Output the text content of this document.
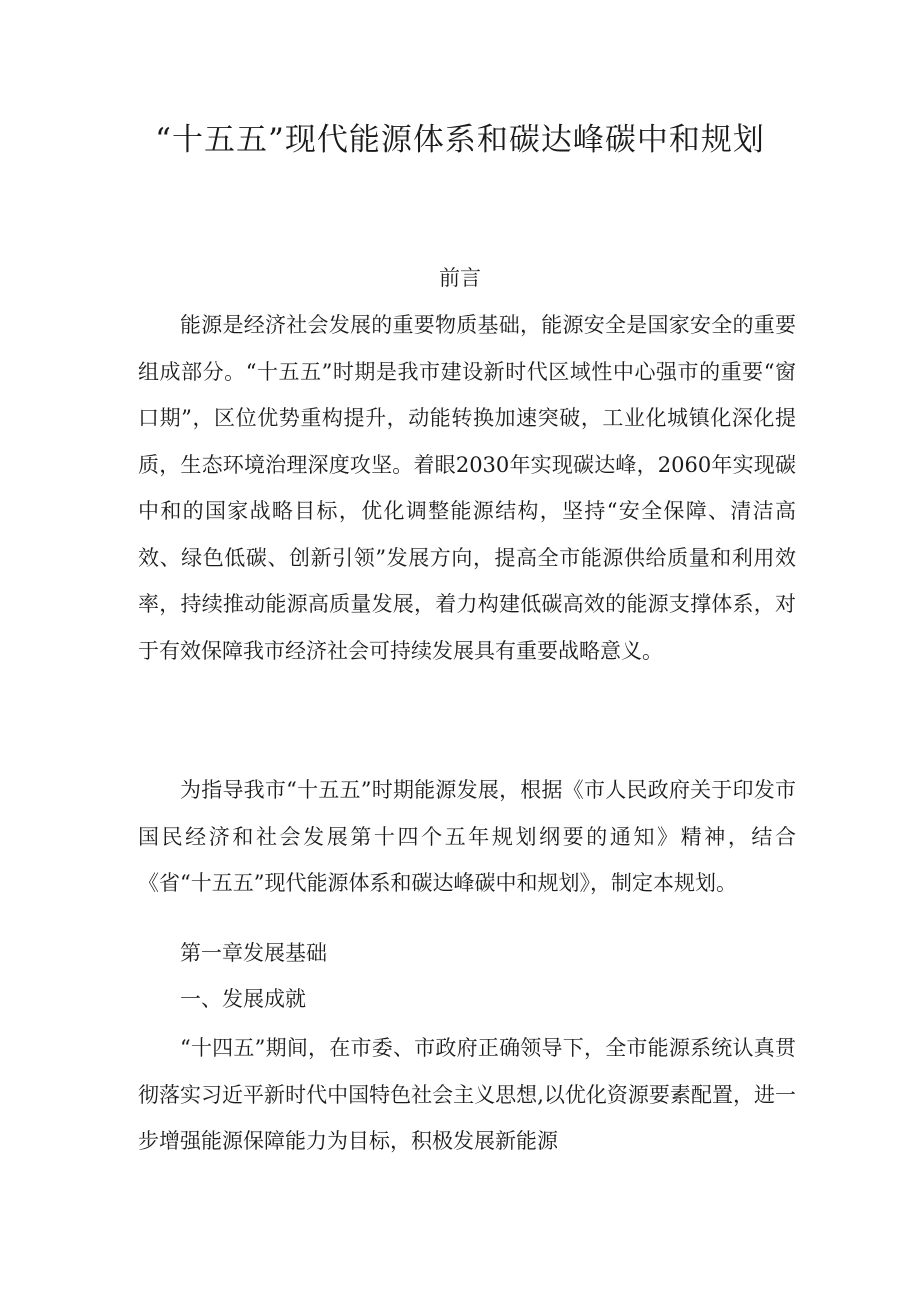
“十五五”现代能源体系和碳达峰碳中和规划
前言

能源是经济社会发展的重要物质基础，能源安全是国家安全的重要组成部分。“十五五”时期是我市建设新时代区域性中心强市的重要“窗口期”，区位优势重构提升，动能转换加速突破，工业化城镇化深化提质，生态环境治理深度攻坚。着眼2030年实现碳达峰，2060年实现碳中和的国家战略目标，优化调整能源结构，坚持“安全保障、清洁高效、绿色低碳、创新引领”发展方向，提高全市能源供给质量和利用效率，持续推动能源高质量发展，着力构建低碳高效的能源支撑体系，对于有效保障我市经济社会可持续发展具有重要战略意义。

为指导我市“十五五”时期能源发展，根据《市人民政府关于印发市国民经济和社会发展第十四个五年规划纲要的通知》精神，结合《省“十五五”现代能源体系和碳达峰碳中和规划》，制定本规划。

第一章发展基础

一、发展成就

“十四五”期间，在市委、市政府正确领导下，全市能源系统认真贯彻落实习近平新时代中国特色社会主义思想,以优化资源要素配置，进一步增强能源保障能力为目标，积极发展新能源
